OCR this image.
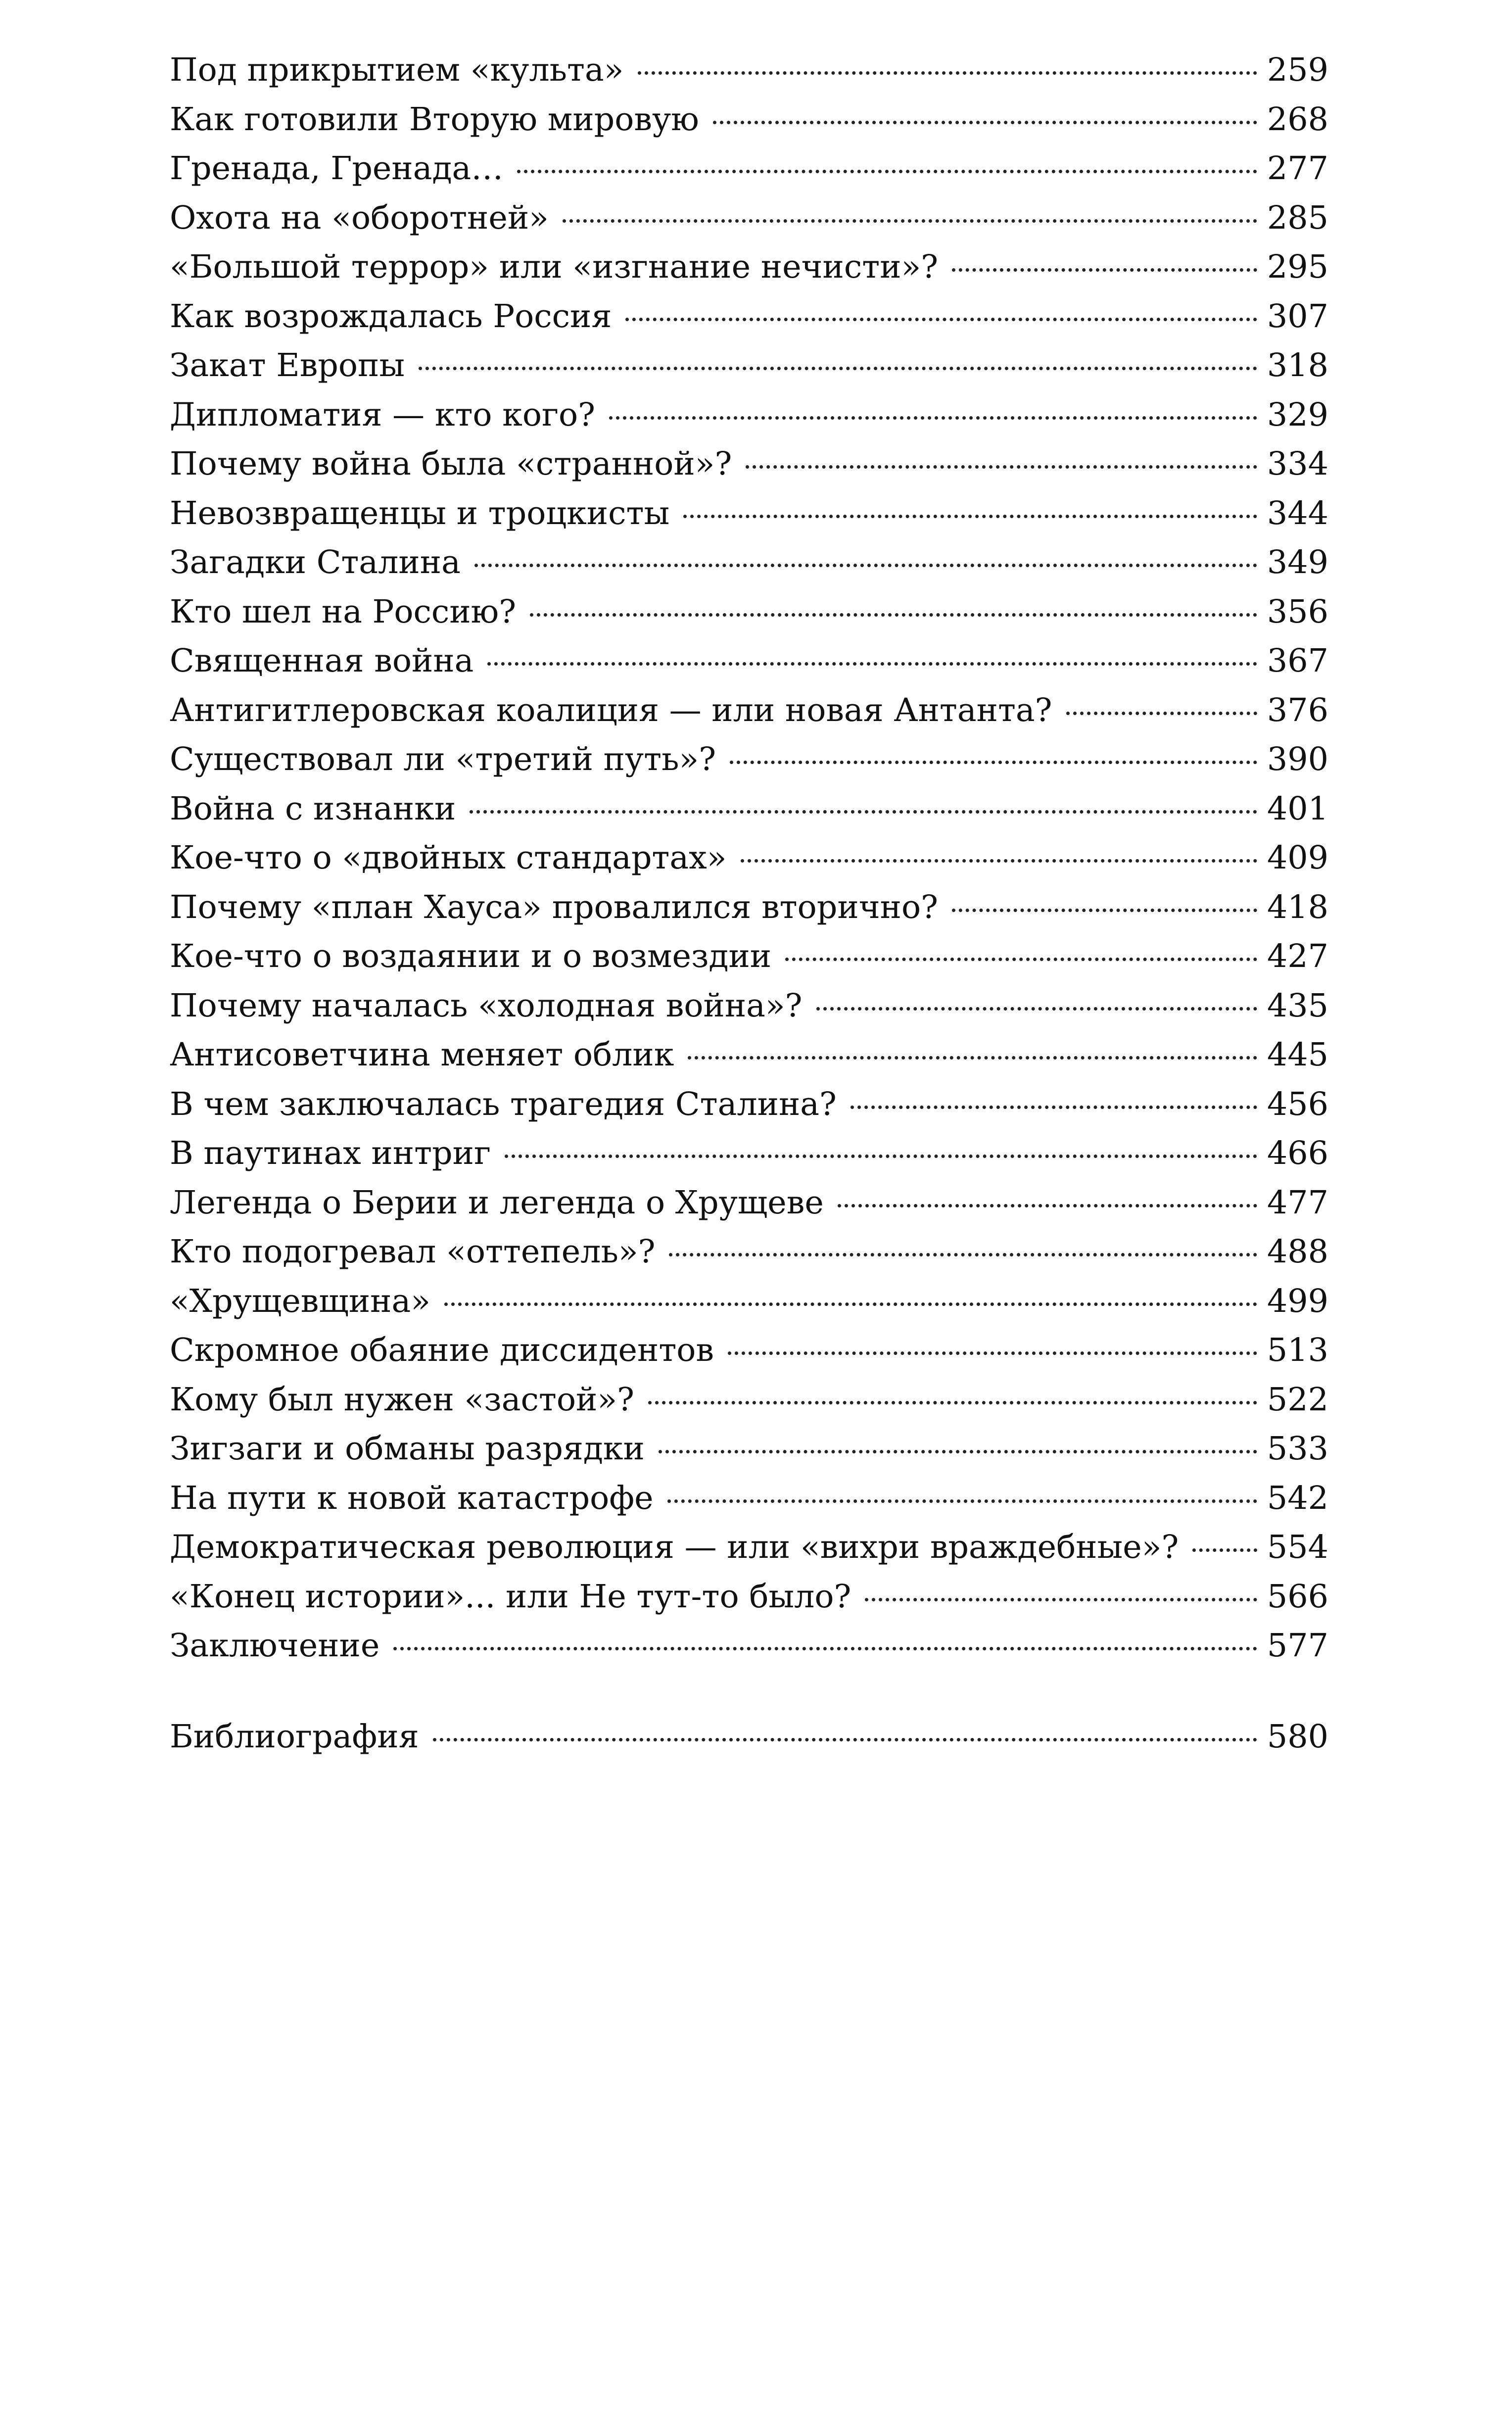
Под прикрытием «культа»	259
Как готовили Вторую мировую	268
Гренада, Гренада…	277
Охота на «оборотней»	285
«Большой террор» или «изгнание нечисти»?	295
Как возрождалась Россия	307
Закат Европы	318
Дипломатия — кто кого?	329
Почему война была «странной»?	334
Невозвращенцы и троцкисты	344
Загадки Сталина	349
Кто шел на Россию?	356
Священная война	367
Антигитлеровская коалиция — или новая Антанта?	376
Существовал ли «третий путь»?	390
Война с изнанки	401
Кое-что о «двойных стандартах»	409
Почему «план Хауса» провалился вторично?	418
Кое-что о воздаянии и о возмездии	427
Почему началась «холодная война»?	435
Антисоветчина меняет облик	445
В чем заключалась трагедия Сталина?	456
В паутинах интриг	466
Легенда о Берии и легенда о Хрущеве	477
Кто подогревал «оттепель»?	488
«Хрущевщина»	499
Скромное обаяние диссидентов	513
Кому был нужен «застой»?	522
Зигзаги и обманы разрядки	533
На пути к новой катастрофе	542
Демократическая революция — или «вихри враждебные»?	554
«Конец истории»... или Не тут-то было?	566
Заключение	577
Библиография	580
